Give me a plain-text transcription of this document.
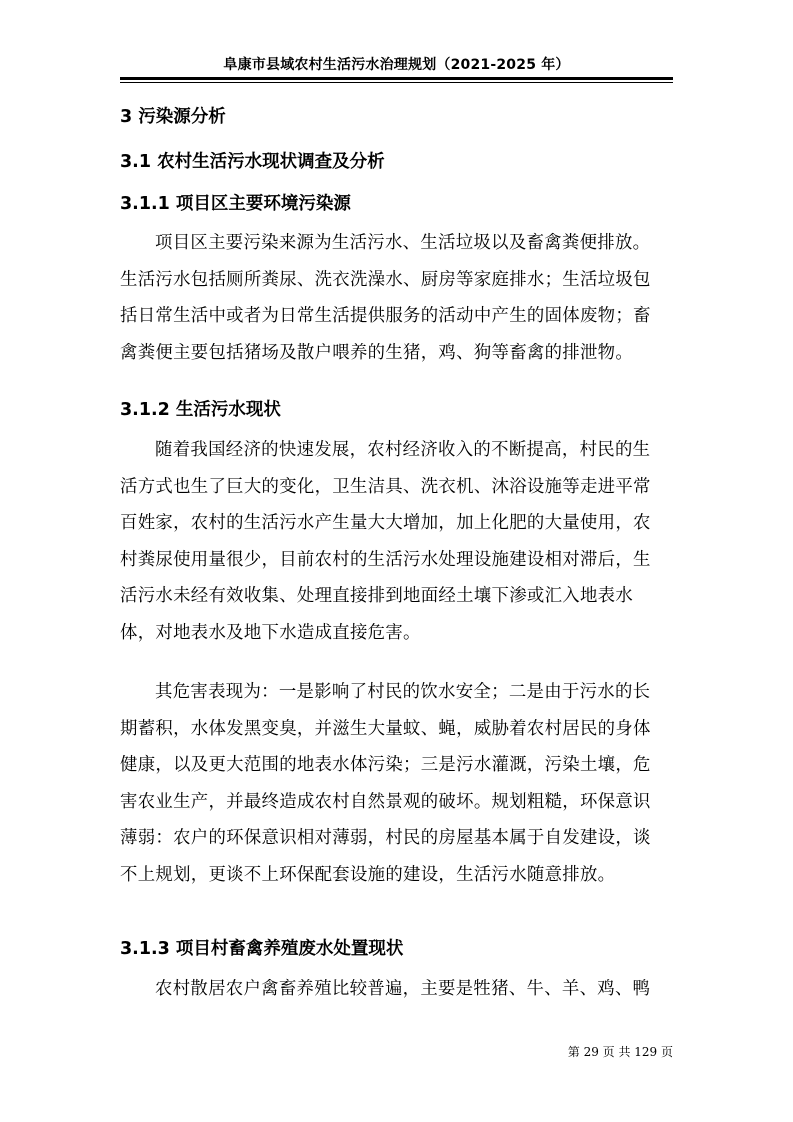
阜康市县域农村生活污水治理规划（2021-2025 年）
3 污染源分析
3.1 农村生活污水现状调查及分析
3.1.1 项目区主要环境污染源
项目区主要污染来源为生活污水、生活垃圾以及畜禽粪便排放。
生活污水包括厕所粪尿、洗衣洗澡水、厨房等家庭排水；生活垃圾包
括日常生活中或者为日常生活提供服务的活动中产生的固体废物；畜
禽粪便主要包括猪场及散户喂养的生猪，鸡、狗等畜禽的排泄物。
3.1.2 生活污水现状
随着我国经济的快速发展，农村经济收入的不断提高，村民的生
活方式也生了巨大的变化，卫生洁具、洗衣机、沐浴设施等走进平常
百姓家，农村的生活污水产生量大大增加，加上化肥的大量使用，农
村粪尿使用量很少，目前农村的生活污水处理设施建设相对滞后，生
活污水未经有效收集、处理直接排到地面经土壤下渗或汇入地表水
体，对地表水及地下水造成直接危害。
其危害表现为：一是影响了村民的饮水安全；二是由于污水的长
期蓄积，水体发黑变臭，并滋生大量蚊、蝇，威胁着农村居民的身体
健康，以及更大范围的地表水体污染；三是污水灌溉，污染土壤，危
害农业生产，并最终造成农村自然景观的破坏。规划粗糙，环保意识
薄弱：农户的环保意识相对薄弱，村民的房屋基本属于自发建设，谈
不上规划，更谈不上环保配套设施的建设，生活污水随意排放。
3.1.3 项目村畜禽养殖废水处置现状
农村散居农户禽畜养殖比较普遍，主要是牲猪、牛、羊、鸡、鸭
第 29 页 共 129 页
